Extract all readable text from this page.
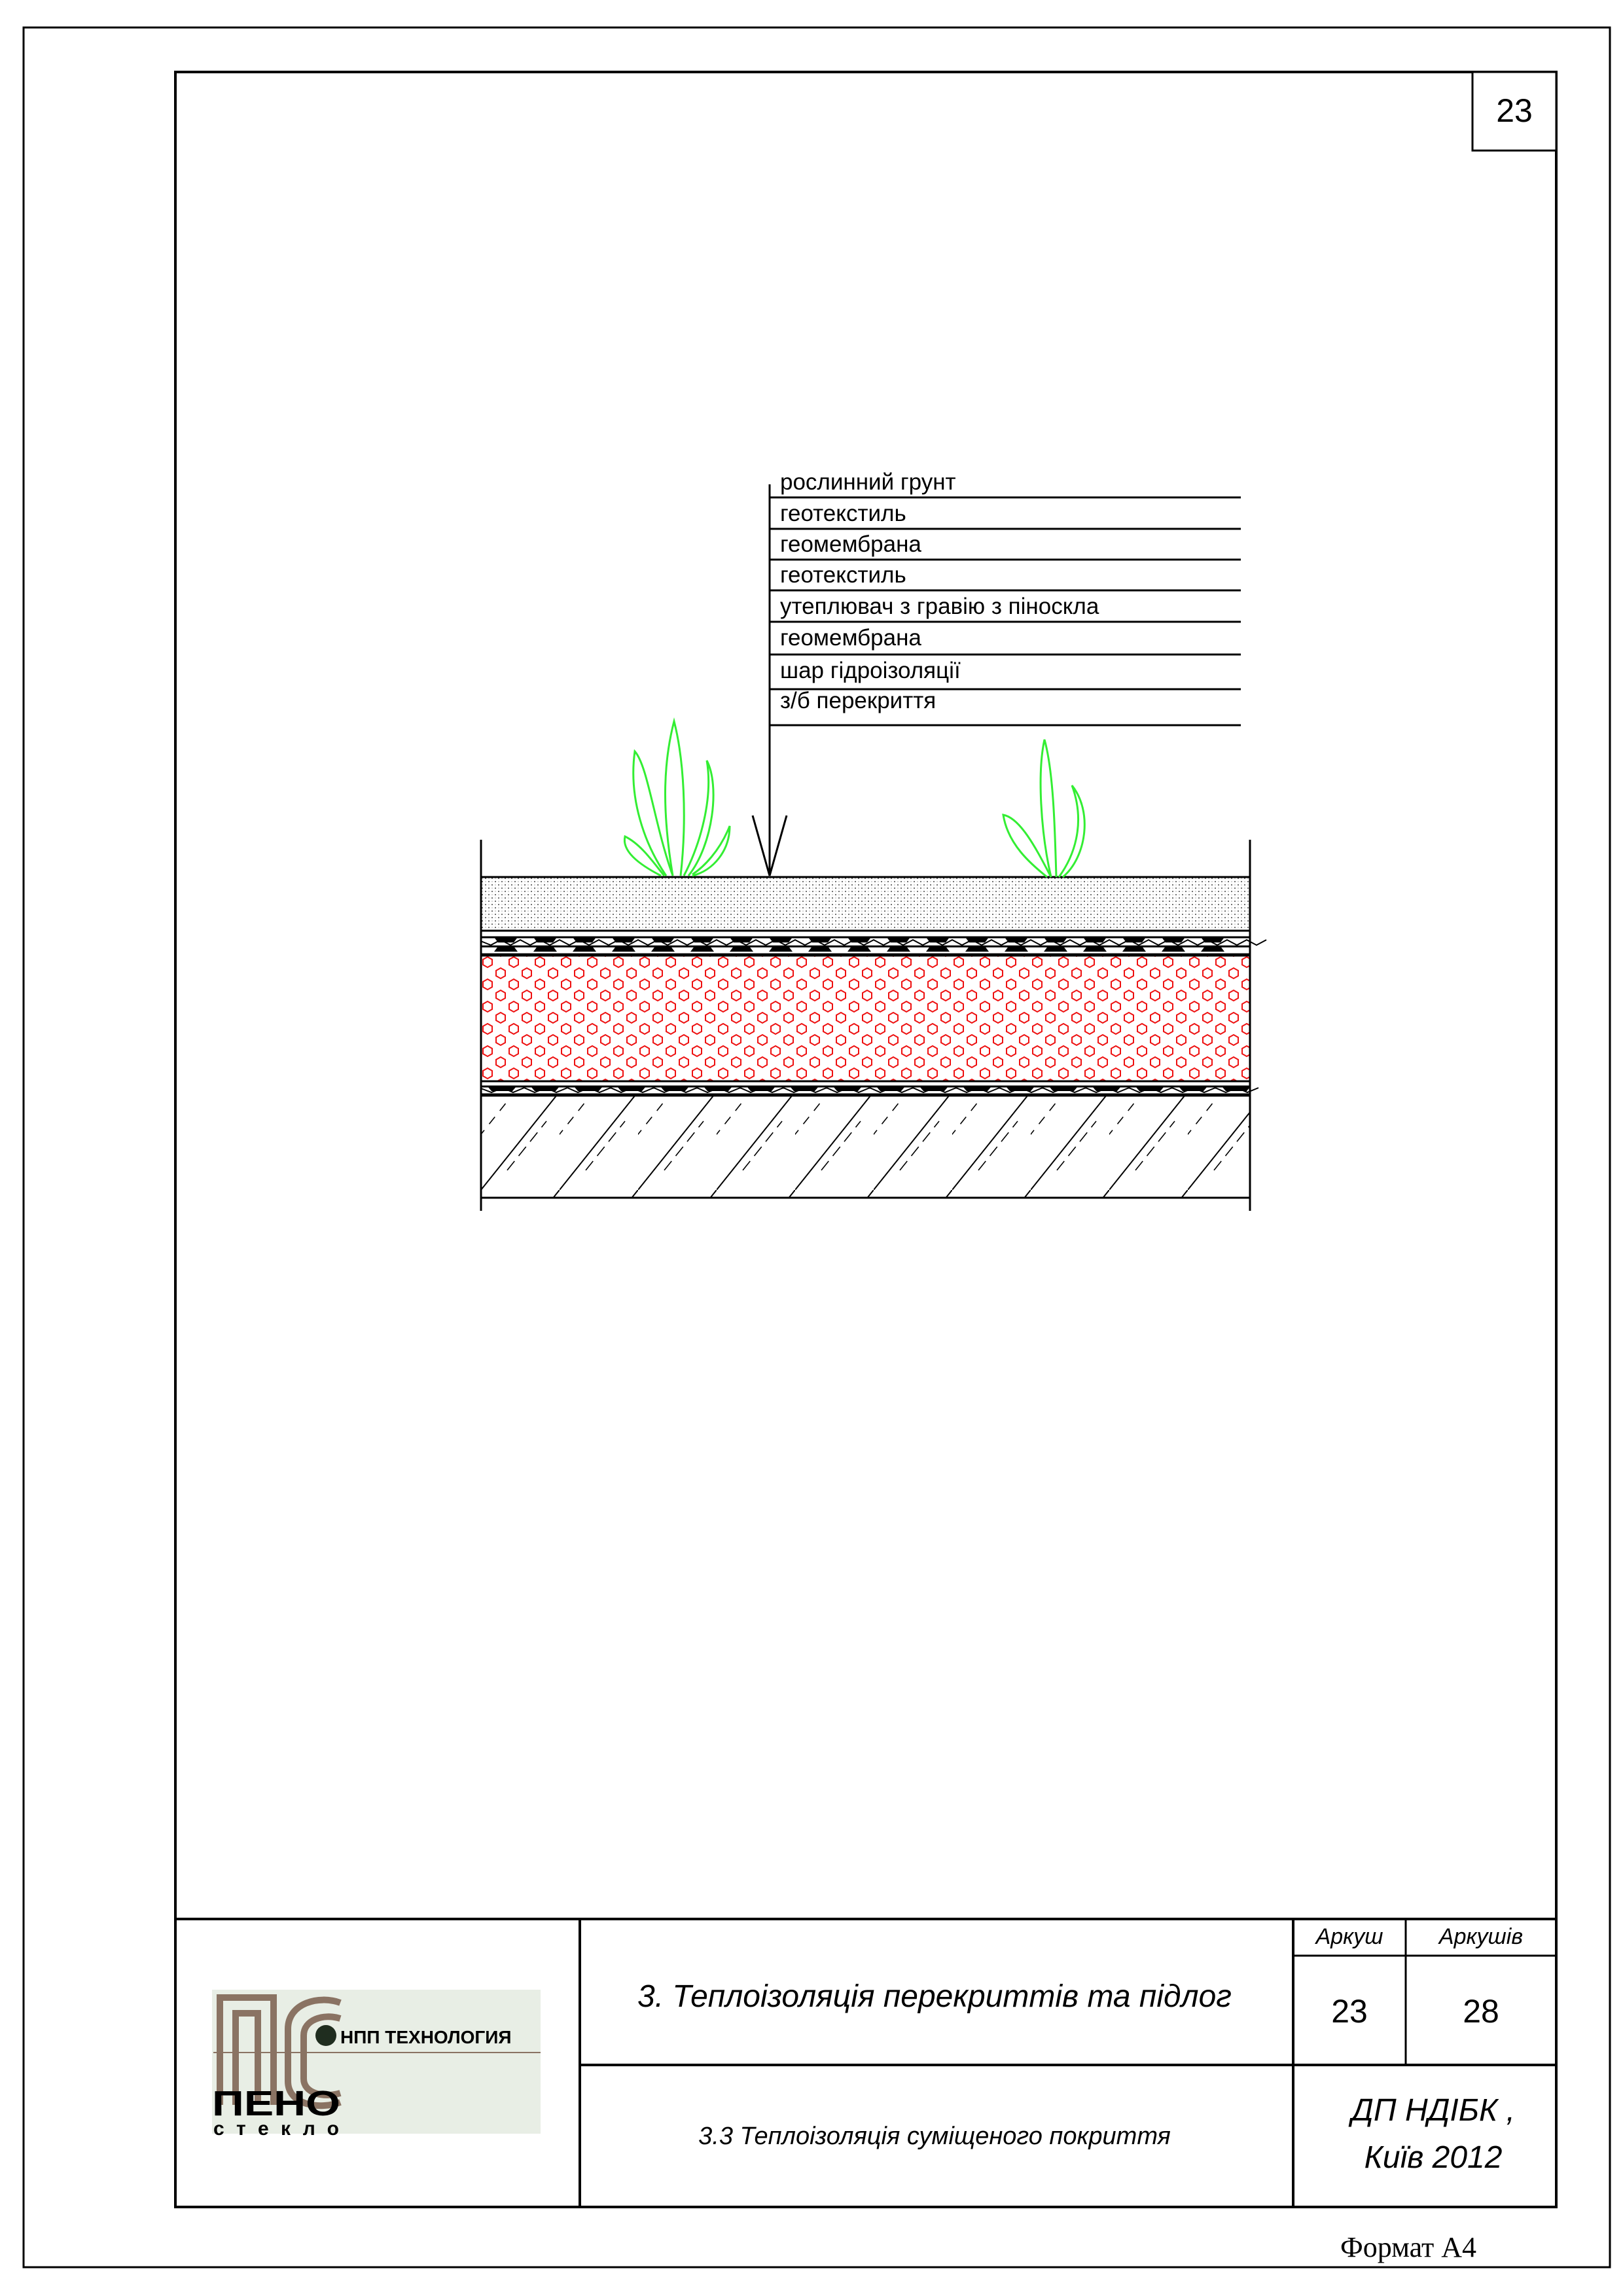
23
рослинний грунт
геотекстиль
геомембрана
геотекстиль
утеплювач з гравію з піноскла
геомембрана
шар гідроізоляції
з/б перекриття
3. Теплоізоляція перекриттів та підлог
3.3 Теплоізоляція суміщеного покриття
Аркуш	Аркушів
23	28
ДП НДІБК ,
Київ 2012
НПП ТЕХНОЛОГИЯ
ПЕНО
стекло
Формат А4
